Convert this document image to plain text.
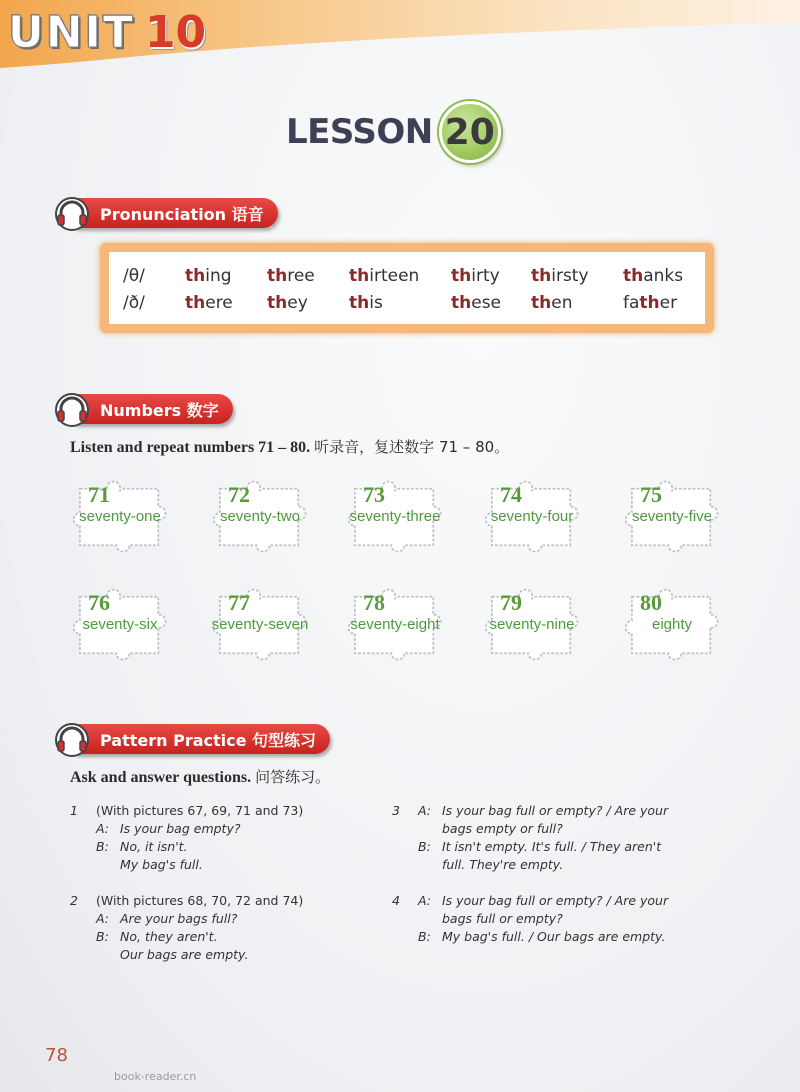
UNIT 10
LESSON 20
Pronunciation 语音
/θ/	thing	three	thirteen	thirty	thirsty	thanks
/ð/	there	they	this	these	then	father
Numbers 数字
Listen and repeat numbers 71 – 80. 听录音，复述数字 71 – 80。
71
seventy-one
72
seventy-two
73
seventy-three
74
seventy-four
75
seventy-five
76
seventy-six
77
seventy-seven
78
seventy-eight
79
seventy-nine
80
eighty
Pattern Practice 句型练习
Ask and answer questions. 问答练习。
1	(With pictures 67, 69, 71 and 73)
A: Is your bag empty?
B: No, it isn't.
My bag's full.
2	(With pictures 68, 70, 72 and 74)
A: Are your bags full?
B: No, they aren't.
Our bags are empty.
3	A: Is your bag full or empty? / Are your
bags empty or full?
B: It isn't empty. It's full. / They aren't
full. They're empty.
4	A: Is your bag full or empty? / Are your
bags full or empty?
B: My bag's full. / Our bags are empty.
78
book-reader.cn
